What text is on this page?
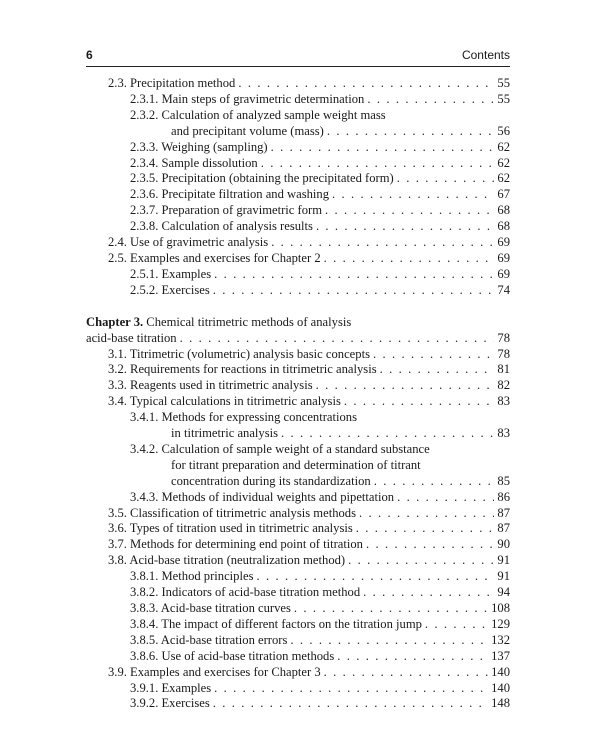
6	Contents
2.3. Precipitation method . . .	55
2.3.1. Main steps of gravimetric determination . . .	55
2.3.2. Calculation of analyzed sample weight mass
and precipitant volume (mass) . . .	56
2.3.3. Weighing (sampling) . . .	62
2.3.4. Sample dissolution . . .	62
2.3.5. Precipitation (obtaining the precipitated form) . . .	62
2.3.6. Precipitate filtration and washing . . .	67
2.3.7. Preparation of gravimetric form . . .	68
2.3.8. Calculation of analysis results . . .	68
2.4. Use of gravimetric analysis . . .	69
2.5. Examples and exercises for Chapter 2 . . .	69
2.5.1. Examples . . .	69
2.5.2. Exercises . . .	74
Chapter 3. Chemical titrimetric methods of analysis
acid-base titration . . .	78
3.1. Titrimetric (volumetric) analysis basic concepts . . .	78
3.2. Requirements for reactions in titrimetric analysis . . .	81
3.3. Reagents used in titrimetric analysis . . .	82
3.4. Typical calculations in titrimetric analysis . . .	83
3.4.1. Methods for expressing concentrations
in titrimetric analysis . . .	83
3.4.2. Calculation of sample weight of a standard substance
for titrant preparation and determination of titrant
concentration during its standardization . . .	85
3.4.3. Methods of individual weights and pipettation . . .	86
3.5. Classification of titrimetric analysis methods . . .	87
3.6. Types of titration used in titrimetric analysis . . .	87
3.7. Methods for determining end point of titration . . .	90
3.8. Acid-base titration (neutralization method) . . .	91
3.8.1. Method principles . . .	91
3.8.2. Indicators of acid-base titration method . . .	94
3.8.3. Acid-base titration curves . . .	108
3.8.4. The impact of different factors on the titration jump . . .	129
3.8.5. Acid-base titration errors . . .	132
3.8.6. Use of acid-base titration methods . . .	137
3.9. Examples and exercises for Chapter 3 . . .	140
3.9.1. Examples . . .	140
3.9.2. Exercises . . .	148
